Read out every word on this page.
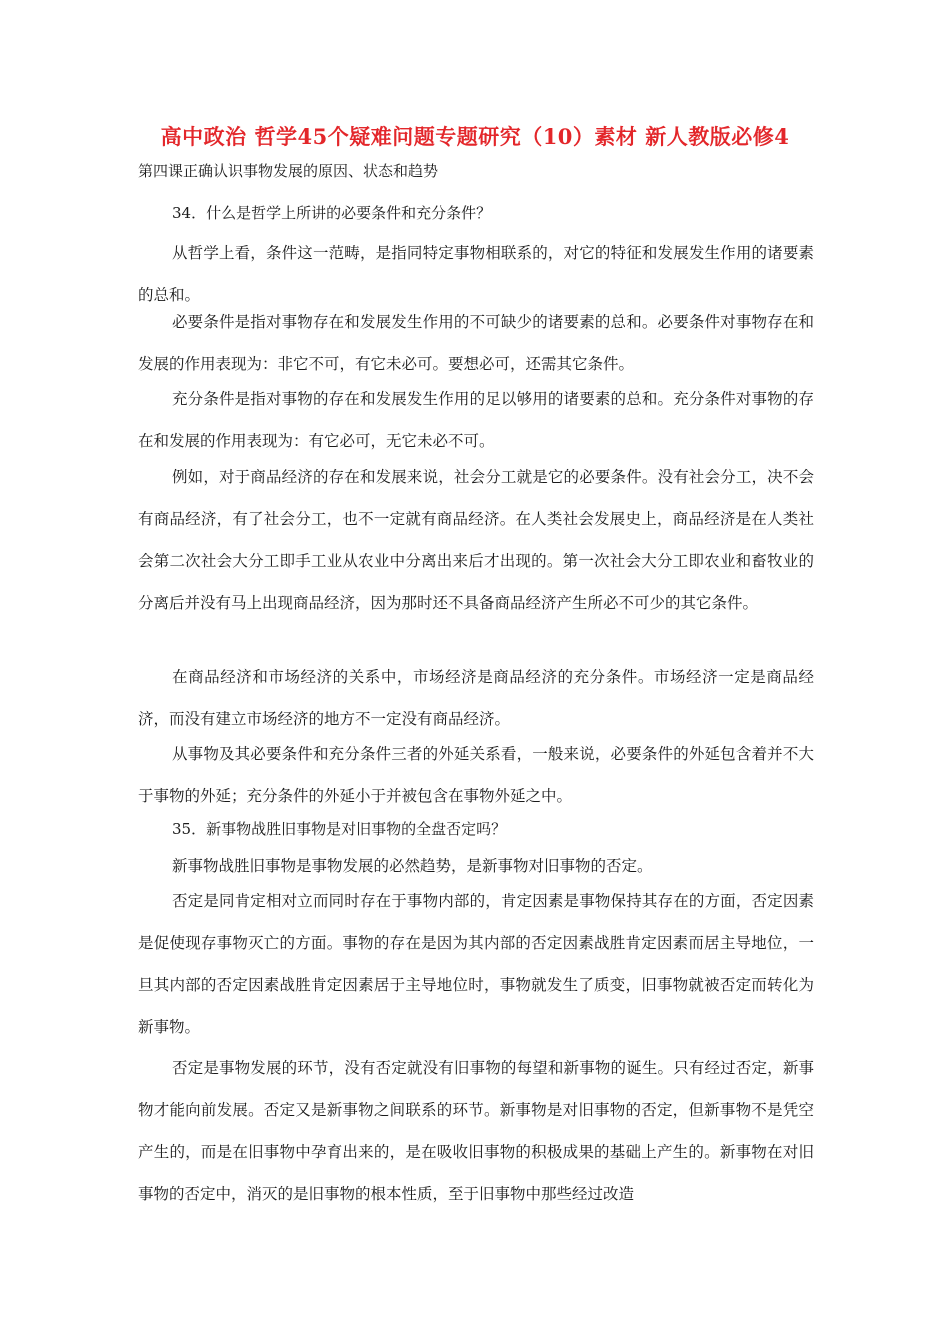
高中政治 哲学45个疑难问题专题研究（10）素材 新人教版必修4
第四课正确认识事物发展的原因、状态和趋势
34．什么是哲学上所讲的必要条件和充分条件？
从哲学上看，条件这一范畴，是指同特定事物相联系的，对它的特征和发展发生作用的诸要素的总和。
必要条件是指对事物存在和发展发生作用的不可缺少的诸要素的总和。必要条件对事物存在和发展的作用表现为：非它不可，有它未必可。要想必可，还需其它条件。
充分条件是指对事物的存在和发展发生作用的足以够用的诸要素的总和。充分条件对事物的存在和发展的作用表现为：有它必可，无它未必不可。
例如，对于商品经济的存在和发展来说，社会分工就是它的必要条件。没有社会分工，决不会有商品经济，有了社会分工，也不一定就有商品经济。在人类社会发展史上，商品经济是在人类社会第二次社会大分工即手工业从农业中分离出来后才出现的。第一次社会大分工即农业和畜牧业的分离后并没有马上出现商品经济，因为那时还不具备商品经济产生所必不可少的其它条件。
在商品经济和市场经济的关系中，市场经济是商品经济的充分条件。市场经济一定是商品经济，而没有建立市场经济的地方不一定没有商品经济。
从事物及其必要条件和充分条件三者的外延关系看，一般来说，必要条件的外延包含着并不大于事物的外延；充分条件的外延小于并被包含在事物外延之中。
35．新事物战胜旧事物是对旧事物的全盘否定吗？
新事物战胜旧事物是事物发展的必然趋势，是新事物对旧事物的否定。
否定是同肯定相对立而同时存在于事物内部的，肯定因素是事物保持其存在的方面，否定因素是促使现存事物灭亡的方面。事物的存在是因为其内部的否定因素战胜肯定因素而居主导地位，一旦其内部的否定因素战胜肯定因素居于主导地位时，事物就发生了质变，旧事物就被否定而转化为新事物。
否定是事物发展的环节，没有否定就没有旧事物的每望和新事物的诞生。只有经过否定，新事物才能向前发展。否定又是新事物之间联系的环节。新事物是对旧事物的否定，但新事物不是凭空产生的，而是在旧事物中孕育出来的，是在吸收旧事物的积极成果的基础上产生的。新事物在对旧事物的否定中，消灭的是旧事物的根本性质，至于旧事物中那些经过改造
